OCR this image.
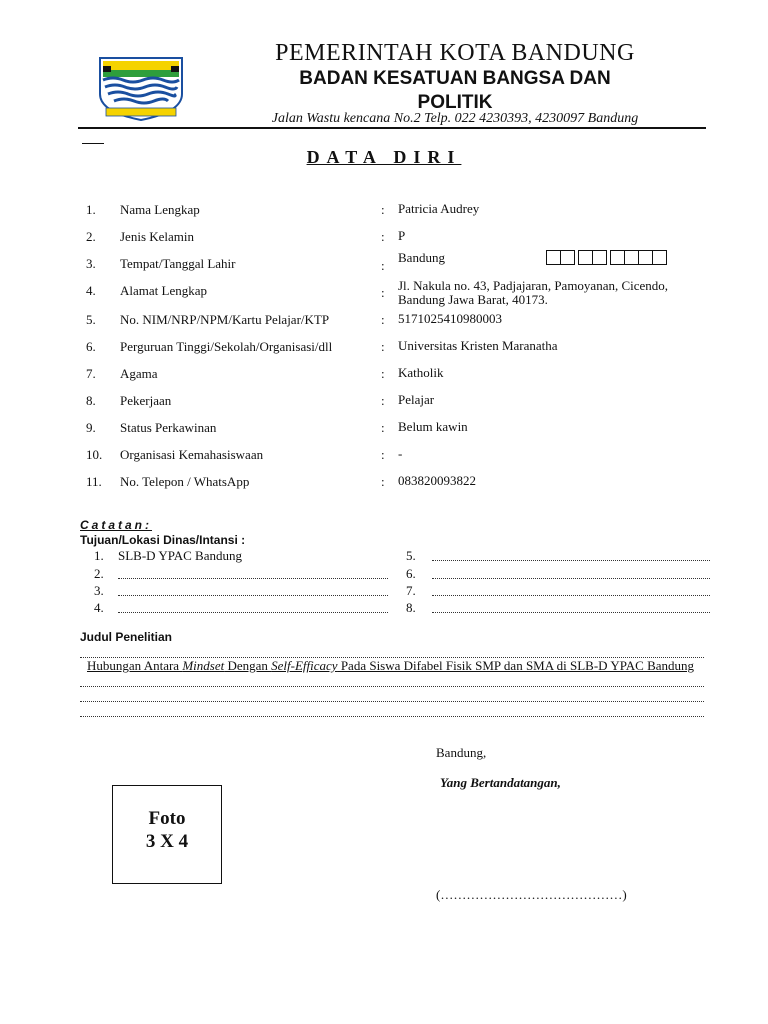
PEMERINTAH KOTA BANDUNG
BADAN KESATUAN BANGSA DAN
POLITIK
Jalan Wastu kencana No.2 Telp. 022 4230393, 4230097 Bandung
DATA DIRI
1. Nama Lengkap	: Patricia Audrey
2. Jenis Kelamin	: P
3. Tempat/Tanggal Lahir	:
Bandung
4. Alamat Lengkap	: Jl. Nakula no. 43, Padjajaran, Pamoyanan, Cicendo, Bandung Jawa Barat, 40173.
5. No. NIM/NRP/NPM/Kartu Pelajar/KTP	: 5171025410980003
6. Perguruan Tinggi/Sekolah/Organisasi/dll	: Universitas Kristen Maranatha
7. Agama	: Katholik
8. Pekerjaan	: Pelajar
9. Status Perkawinan	: Belum kawin
10. Organisasi Kemahasiswaan	: -
11. No. Telepon / WhatsApp	: 083820093822
Catatan:
Tujuan/Lokasi Dinas/Intansi :
1. SLB-D YPAC Bandung	5.
2.	6.
3.	7.
4.	8.
Judul Penelitian
Hubungan Antara Mindset Dengan Self-Efficacy Pada Siswa Difabel Fisik SMP dan SMA di SLB-D YPAC Bandung
Bandung,
Yang Bertandatangan,
(……………………………………)
Foto
3 X 4
